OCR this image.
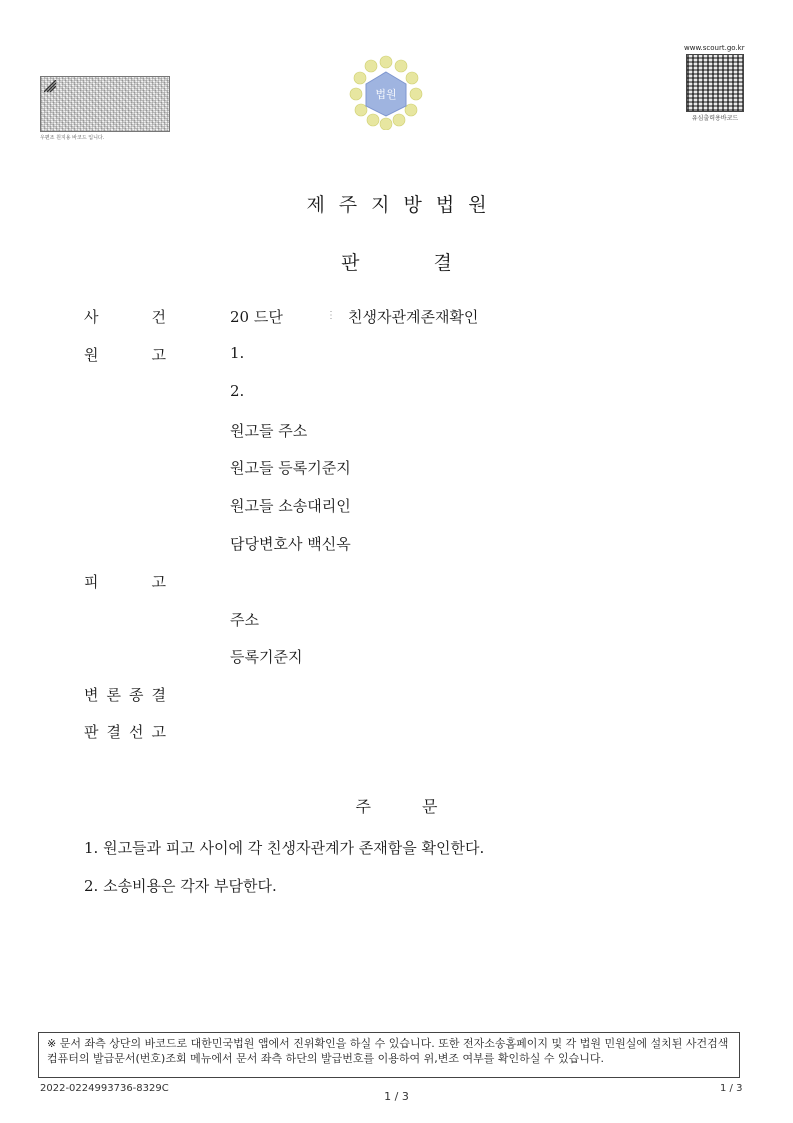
우편조 원지용 바코드 입니다.
법원
www.scourt.go.kr
유심출력용바코드
제주지방법원
판 결
사	건	20 드단	⋮ 친생자관계존재확인
원	고	1.
2.
원고들 주소
원고들 등록기준지
원고들 소송대리인
담당변호사 백신옥
피	고
주소
등록기준지
변 론 종 결
판 결 선 고
주 문
1. 원고들과 피고 사이에 각 친생자관계가 존재함을 확인한다.
2. 소송비용은 각자 부담한다.
※ 문서 좌측 상단의 바코드로 대한민국법원 앱에서 진위확인을 하실 수 있습니다. 또한 전자소송홈페이지 및 각 법원 민원실에 설치된 사건검색 컴퓨터의 발급문서(번호)조회 메뉴에서 문서 좌측 하단의 발급번호를 이용하여 위,변조 여부를 확인하실 수 있습니다.
2022-0224993736-8329C
1 / 3
1 / 3
